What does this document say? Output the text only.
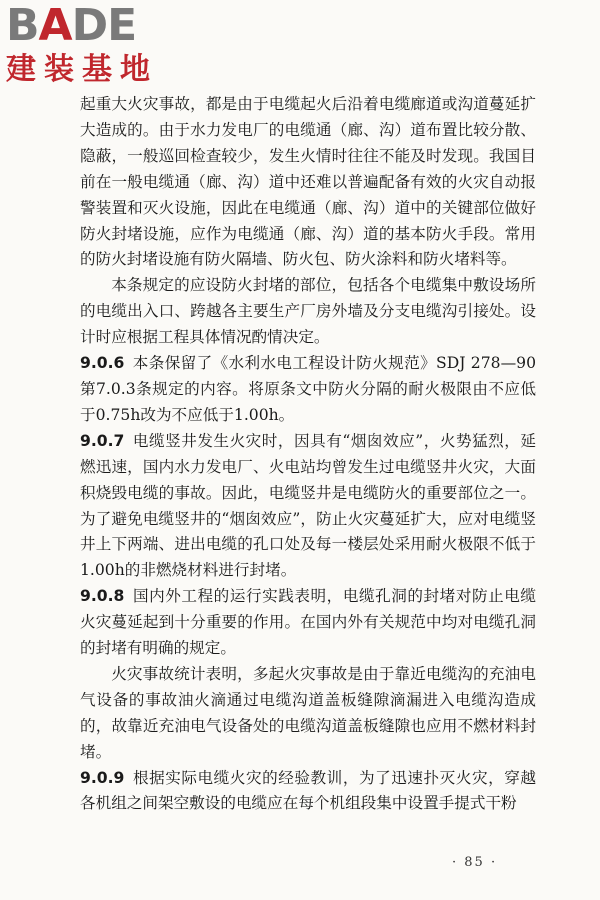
BADE
建装基地

起重大火灾事故，都是由于电缆起火后沿着电缆廊道或沟道蔓延扩大造成的。由于水力发电厂的电缆通（廊、沟）道布置比较分散、隐蔽，一般巡回检查较少，发生火情时往往不能及时发现。我国目前在一般电缆通（廊、沟）道中还难以普遍配备有效的火灾自动报警装置和灭火设施，因此在电缆通（廊、沟）道中的关键部位做好防火封堵设施，应作为电缆通（廊、沟）道的基本防火手段。常用的防火封堵设施有防火隔墙、防火包、防火涂料和防火堵料等。

本条规定的应设防火封堵的部位，包括各个电缆集中敷设场所的电缆出入口、跨越各主要生产厂房外墙及分支电缆沟引接处。设计时应根据工程具体情况酌情决定。

9.0.6 本条保留了《水利水电工程设计防火规范》SDJ 278—90第7.0.3条规定的内容。将原条文中防火分隔的耐火极限由不应低于0.75h改为不应低于1.00h。

9.0.7 电缆竖井发生火灾时，因具有“烟囱效应”，火势猛烈，延燃迅速，国内水力发电厂、火电站均曾发生过电缆竖井火灾，大面积烧毁电缆的事故。因此，电缆竖井是电缆防火的重要部位之一。为了避免电缆竖井的“烟囱效应”，防止火灾蔓延扩大，应对电缆竖井上下两端、进出电缆的孔口处及每一楼层处采用耐火极限不低于1.00h的非燃烧材料进行封堵。

9.0.8 国内外工程的运行实践表明，电缆孔洞的封堵对防止电缆火灾蔓延起到十分重要的作用。在国内外有关规范中均对电缆孔洞的封堵有明确的规定。

火灾事故统计表明，多起火灾事故是由于靠近电缆沟的充油电气设备的事故油火滴通过电缆沟道盖板缝隙滴漏进入电缆沟造成的，故靠近充油电气设备处的电缆沟道盖板缝隙也应用不燃材料封堵。

9.0.9 根据实际电缆火灾的经验教训，为了迅速扑灭火灾，穿越各机组之间架空敷设的电缆应在每个机组段集中设置手提式干粉

· 85 ·
